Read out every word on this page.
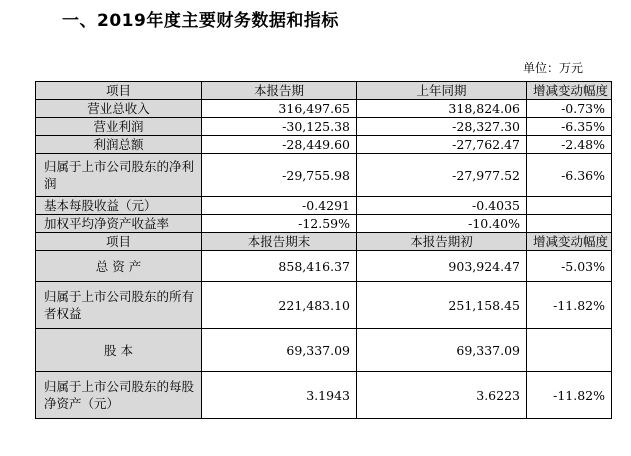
一、2019年度主要财务数据和指标
单位：万元
项目	本报告期	上年同期	增减变动幅度
营业总收入	316,497.65	318,824.06	-0.73%
营业利润	-30,125.38	-28,327.30	-6.35%
利润总额	-28,449.60	-27,762.47	-2.48%
归属于上市公司股东的净利润	-29,755.98	-27,977.52	-6.36%
基本每股收益（元）	-0.4291	-0.4035	
加权平均净资产收益率	-12.59%	-10.40%	
项目	本报告期末	本报告期初	增减变动幅度
总 资 产	858,416.37	903,924.47	-5.03%
归属于上市公司股东的所有者权益	221,483.10	251,158.45	-11.82%
股 本	69,337.09	69,337.09	
归属于上市公司股东的每股净资产（元）	3.1943	3.6223	-11.82%
